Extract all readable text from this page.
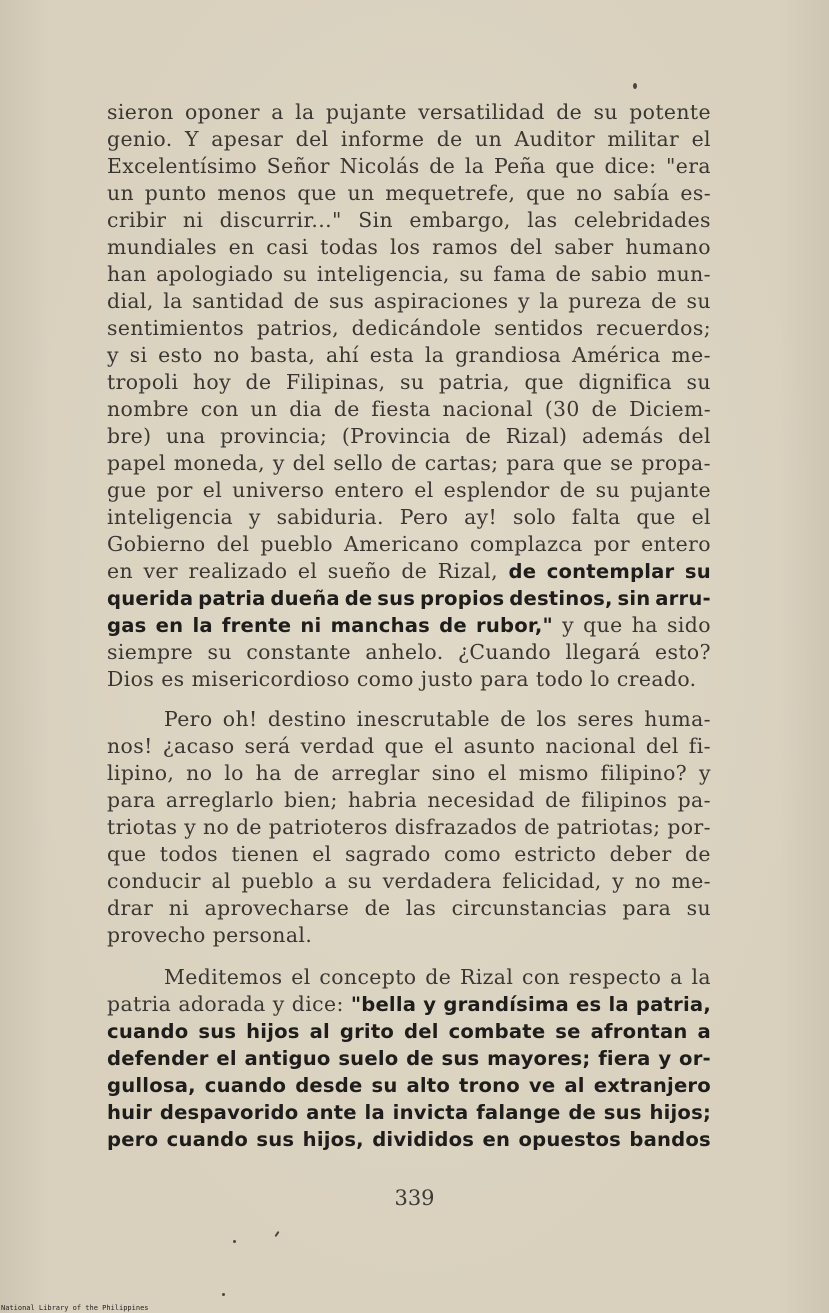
sieron oponer a la pujante versatilidad de su potente
genio. Y apesar del informe de un Auditor militar el
Excelentísimo Señor Nicolás de la Peña que dice: "era
un punto menos que un mequetrefe, que no sabía es-
cribir ni discurrir..." Sin embargo, las celebridades
mundiales en casi todas los ramos del saber humano
han apologiado su inteligencia, su fama de sabio mun-
dial, la santidad de sus aspiraciones y la pureza de su
sentimientos patrios, dedicándole sentidos recuerdos;
y si esto no basta, ahí esta la grandiosa América me-
tropoli hoy de Filipinas, su patria, que dignifica su
nombre con un dia de fiesta nacional (30 de Diciem-
bre) una provincia; (Provincia de Rizal) además del
papel moneda, y del sello de cartas; para que se propa-
gue por el universo entero el esplendor de su pujante
inteligencia y sabiduria. Pero ay! solo falta que el
Gobierno del pueblo Americano complazca por entero
en ver realizado el sueño de Rizal, de contemplar su
querida patria dueña de sus propios destinos, sin arru-
gas en la frente ni manchas de rubor," y que ha sido
siempre su constante anhelo. ¿Cuando llegará esto?
Dios es misericordioso como justo para todo lo creado.
Pero oh! destino inescrutable de los seres huma-
nos! ¿acaso será verdad que el asunto nacional del fi-
lipino, no lo ha de arreglar sino el mismo filipino? y
para arreglarlo bien; habria necesidad de filipinos pa-
triotas y no de patrioteros disfrazados de patriotas; por-
que todos tienen el sagrado como estricto deber de
conducir al pueblo a su verdadera felicidad, y no me-
drar ni aprovecharse de las circunstancias para su
provecho personal.
Meditemos el concepto de Rizal con respecto a la
patria adorada y dice: "bella y grandísima es la patria,
cuando sus hijos al grito del combate se afrontan a
defender el antiguo suelo de sus mayores; fiera y or-
gullosa, cuando desde su alto trono ve al extranjero
huir despavorido ante la invicta falange de sus hijos;
pero cuando sus hijos, divididos en opuestos bandos
339
National Library of the Philippines
